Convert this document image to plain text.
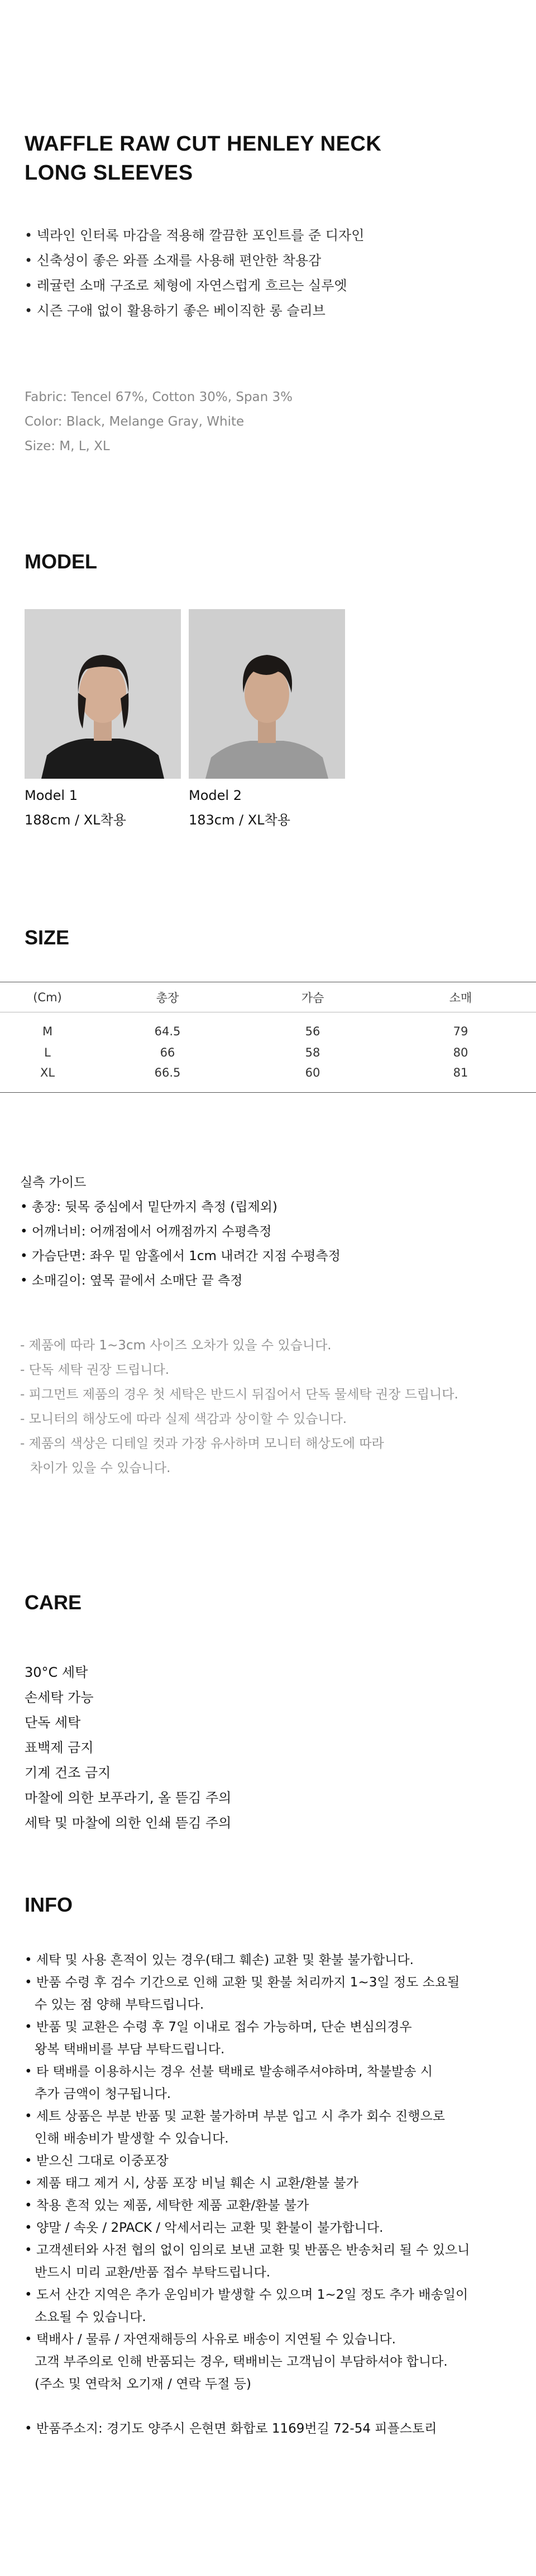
WAFFLE RAW CUT HENLEY NECK
LONG SLEEVES
• 넥라인 인터록 마감을 적용해 깔끔한 포인트를 준 디자인
• 신축성이 좋은 와플 소재를 사용해 편안한 착용감
• 레귤런 소매 구조로 체형에 자연스럽게 흐르는 실루엣
• 시즌 구애 없이 활용하기 좋은 베이직한 롱 슬리브
Fabric: Tencel 67%, Cotton 30%, Span 3%
Color: Black, Melange Gray, White
Size: M, L, XL
MODEL
Model 1
188cm / XL착용
Model 2
183cm / XL착용
SIZE
(Cm)	총장	가슴	소매
M	64.5	56	79
L	66	58	80
XL	66.5	60	81
실측 가이드
• 총장: 뒷목 중심에서 밑단까지 측정 (립제외)
• 어깨너비: 어깨점에서 어깨점까지 수평측정
• 가슴단면: 좌우 밑 암홀에서 1cm 내려간 지점 수평측정
• 소매길이: 옆목 끝에서 소매단 끝 측정
- 제품에 따라 1~3cm 사이즈 오차가 있을 수 있습니다.
- 단독 세탁 권장 드립니다.
- 피그먼트 제품의 경우 첫 세탁은 반드시 뒤집어서 단독 물세탁 권장 드립니다.
- 모니터의 해상도에 따라 실제 색감과 상이할 수 있습니다.
- 제품의 색상은 디테일 컷과 가장 유사하며 모니터 해상도에 따라
차이가 있을 수 있습니다.
CARE
30°C 세탁
손세탁 가능
단독 세탁
표백제 금지
기계 건조 금지
마찰에 의한 보푸라기, 올 뜯김 주의
세탁 및 마찰에 의한 인쇄 뜯김 주의
INFO
• 세탁 및 사용 흔적이 있는 경우(태그 훼손) 교환 및 환불 불가합니다.
• 반품 수령 후 검수 기간으로 인해 교환 및 환불 처리까지 1~3일 정도 소요될
수 있는 점 양해 부탁드립니다.
• 반품 및 교환은 수령 후 7일 이내로 접수 가능하며, 단순 변심의경우
왕복 택배비를 부담 부탁드립니다.
• 타 택배를 이용하시는 경우 선불 택배로 발송해주셔야하며, 착불발송 시
추가 금액이 청구됩니다.
• 세트 상품은 부분 반품 및 교환 불가하며 부분 입고 시 추가 회수 진행으로
인해 배송비가 발생할 수 있습니다.
• 받으신 그대로 이중포장
• 제품 태그 제거 시, 상품 포장 비닐 훼손 시 교환/환불 불가
• 착용 흔적 있는 제품, 세탁한 제품 교환/환불 불가
• 양말 / 속옷 / 2PACK / 악세서리는 교환 및 환불이 불가합니다.
• 고객센터와 사전 협의 없이 임의로 보낸 교환 및 반품은 반송처리 될 수 있으니
반드시 미리 교환/반품 접수 부탁드립니다.
• 도서 산간 지역은 추가 운임비가 발생할 수 있으며 1~2일 정도 추가 배송일이
소요될 수 있습니다.
• 택배사 / 물류 / 자연재해등의 사유로 배송이 지연될 수 있습니다.
고객 부주의로 인해 반품되는 경우, 택배비는 고객님이 부담하셔야 합니다.
(주소 및 연락처 오기재 / 연락 두절 등)
• 반품주소지: 경기도 양주시 은현면 화합로 1169번길 72-54 피플스토리
